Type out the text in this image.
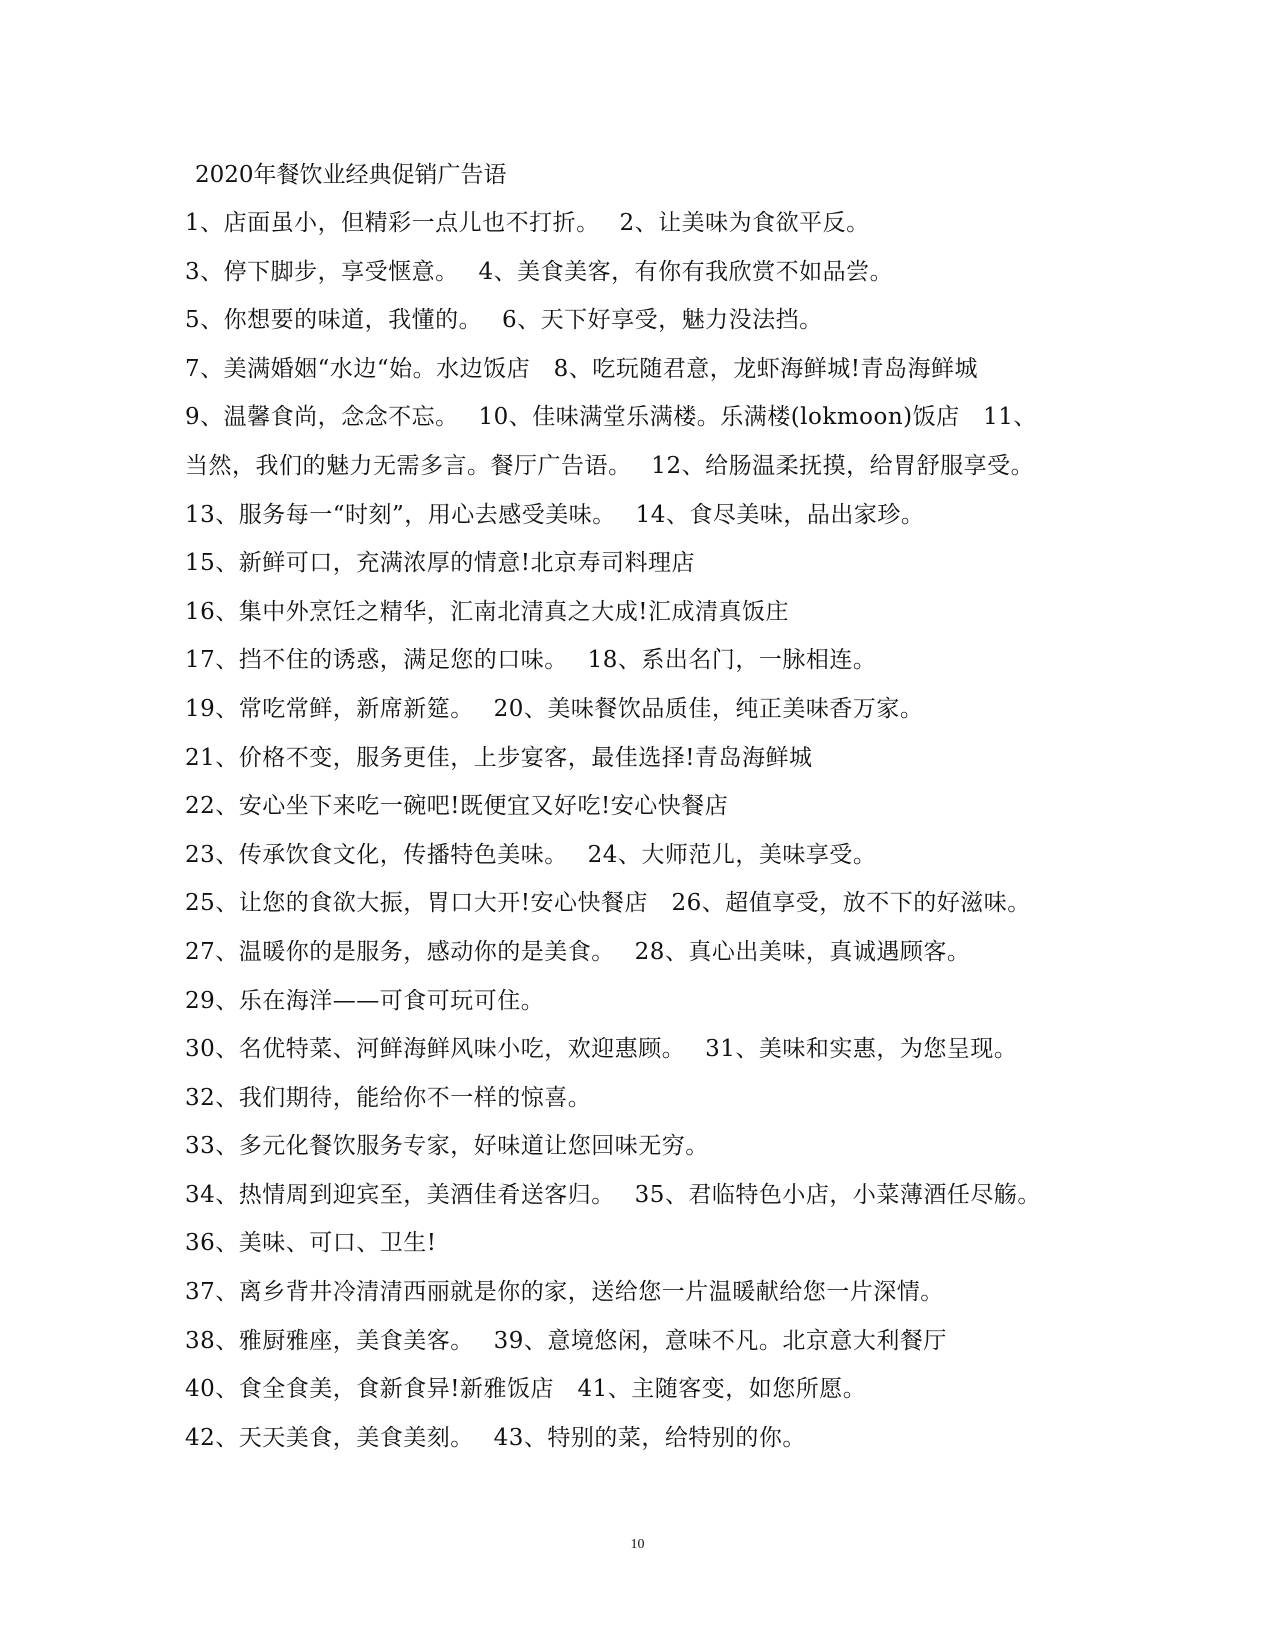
2020年餐饮业经典促销广告语
1、店面虽小，但精彩一点儿也不打折。　 2、让美味为食欲平反。
3、停下脚步，享受惬意。　 4、美食美客，有你有我欣赏不如品尝。
5、你想要的味道，我懂的。　 6、天下好享受，魅力没法挡。
7、美满婚姻“水边“始。水边饭店　8、吃玩随君意，龙虾海鲜城!青岛海鲜城
9、温馨食尚，念念不忘。　 10、佳味满堂乐满楼。乐满楼(lokmoon)饭店　11、
当然，我们的魅力无需多言。餐厅广告语。　 12、给肠温柔抚摸，给胃舒服享受。
13、服务每一“时刻”，用心去感受美味。　 14、食尽美味，品出家珍。
15、新鲜可口，充满浓厚的情意!北京寿司料理店
16、集中外烹饪之精华，汇南北清真之大成!汇成清真饭庄
17、挡不住的诱惑，满足您的口味。　 18、系出名门，一脉相连。
19、常吃常鲜，新席新筵。　 20、美味餐饮品质佳，纯正美味香万家。
21、价格不变，服务更佳，上步宴客，最佳选择!青岛海鲜城
22、安心坐下来吃一碗吧!既便宜又好吃!安心快餐店
23、传承饮食文化，传播特色美味。　 24、大师范儿，美味享受。
25、让您的食欲大振，胃口大开!安心快餐店　26、超值享受，放不下的好滋味。
27、温暖你的是服务，感动你的是美食。　 28、真心出美味，真诚遇顾客。
29、乐在海洋——可食可玩可住。
30、名优特菜、河鲜海鲜风味小吃，欢迎惠顾。　 31、美味和实惠，为您呈现。
32、我们期待，能给你不一样的惊喜。
33、多元化餐饮服务专家，好味道让您回味无穷。
34、热情周到迎宾至，美酒佳肴送客归。　 35、君临特色小店，小菜薄酒任尽觞。
36、美味、可口、卫生!
37、离乡背井冷清清西丽就是你的家，送给您一片温暖献给您一片深情。
38、雅厨雅座，美食美客。　 39、意境悠闲，意味不凡。北京意大利餐厅
40、食全食美，食新食异!新雅饭店　41、主随客变，如您所愿。
42、天天美食，美食美刻。　 43、特别的菜，给特别的你。
10
